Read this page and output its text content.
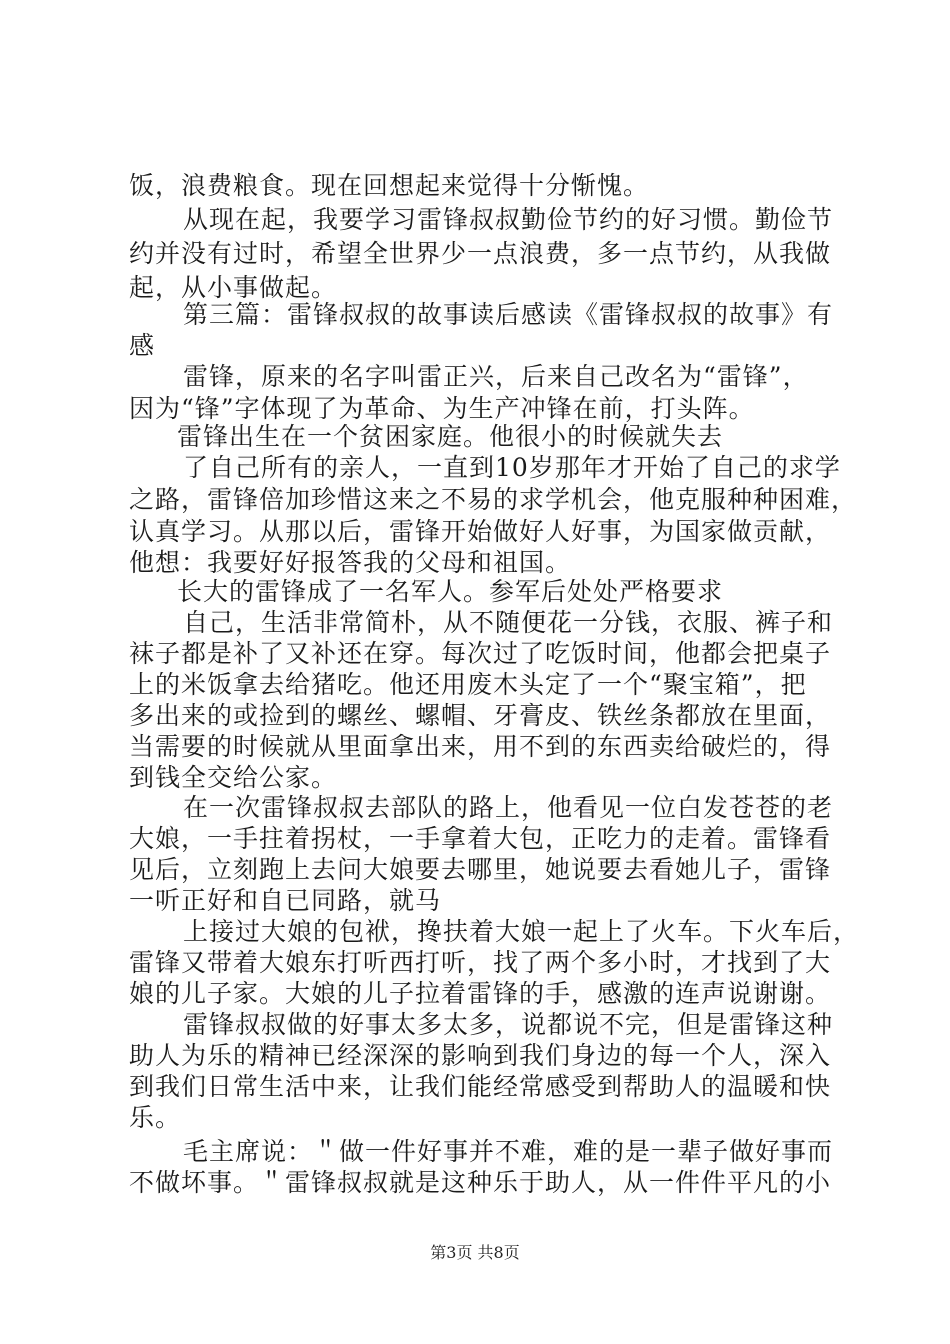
饭，浪费粮食。现在回想起来觉得十分惭愧。

从现在起，我要学习雷锋叔叔勤俭节约的好习惯。勤俭节

约并没有过时，希望全世界少一点浪费，多一点节约，从我做

起，从小事做起。

第三篇：雷锋叔叔的故事读后感读《雷锋叔叔的故事》有

感

雷锋，原来的名字叫雷正兴，后来自己改名为“雷锋”，

因为“锋”字体现了为革命、为生产冲锋在前，打头阵。

雷锋出生在一个贫困家庭。他很小的时候就失去

了自己所有的亲人，一直到10岁那年才开始了自己的求学

之路，雷锋倍加珍惜这来之不易的求学机会，他克服种种困难，

认真学习。从那以后，雷锋开始做好人好事，为国家做贡献，

他想：我要好好报答我的父母和祖国。

长大的雷锋成了一名军人。参军后处处严格要求

自己，生活非常简朴，从不随便花一分钱，衣服、裤子和

袜子都是补了又补还在穿。每次过了吃饭时间，他都会把桌子

上的米饭拿去给猪吃。他还用废木头定了一个“聚宝箱”，把

多出来的或捡到的螺丝、螺帽、牙膏皮、铁丝条都放在里面，

当需要的时候就从里面拿出来，用不到的东西卖给破烂的，得

到钱全交给公家。

在一次雷锋叔叔去部队的路上，他看见一位白发苍苍的老

大娘，一手拄着拐杖，一手拿着大包，正吃力的走着。雷锋看

见后，立刻跑上去问大娘要去哪里，她说要去看她儿子，雷锋

一听正好和自已同路，就马

上接过大娘的包袱，搀扶着大娘一起上了火车。下火车后，

雷锋又带着大娘东打听西打听，找了两个多小时，才找到了大

娘的儿子家。大娘的儿子拉着雷锋的手，感激的连声说谢谢。

雷锋叔叔做的好事太多太多，说都说不完，但是雷锋这种

助人为乐的精神已经深深的影响到我们身边的每一个人，深入

到我们日常生活中来，让我们能经常感受到帮助人的温暖和快

乐。

毛主席说：＂做一件好事并不难，难的是一辈子做好事而

不做坏事。＂雷锋叔叔就是这种乐于助人，从一件件平凡的小

第3页 共8页
